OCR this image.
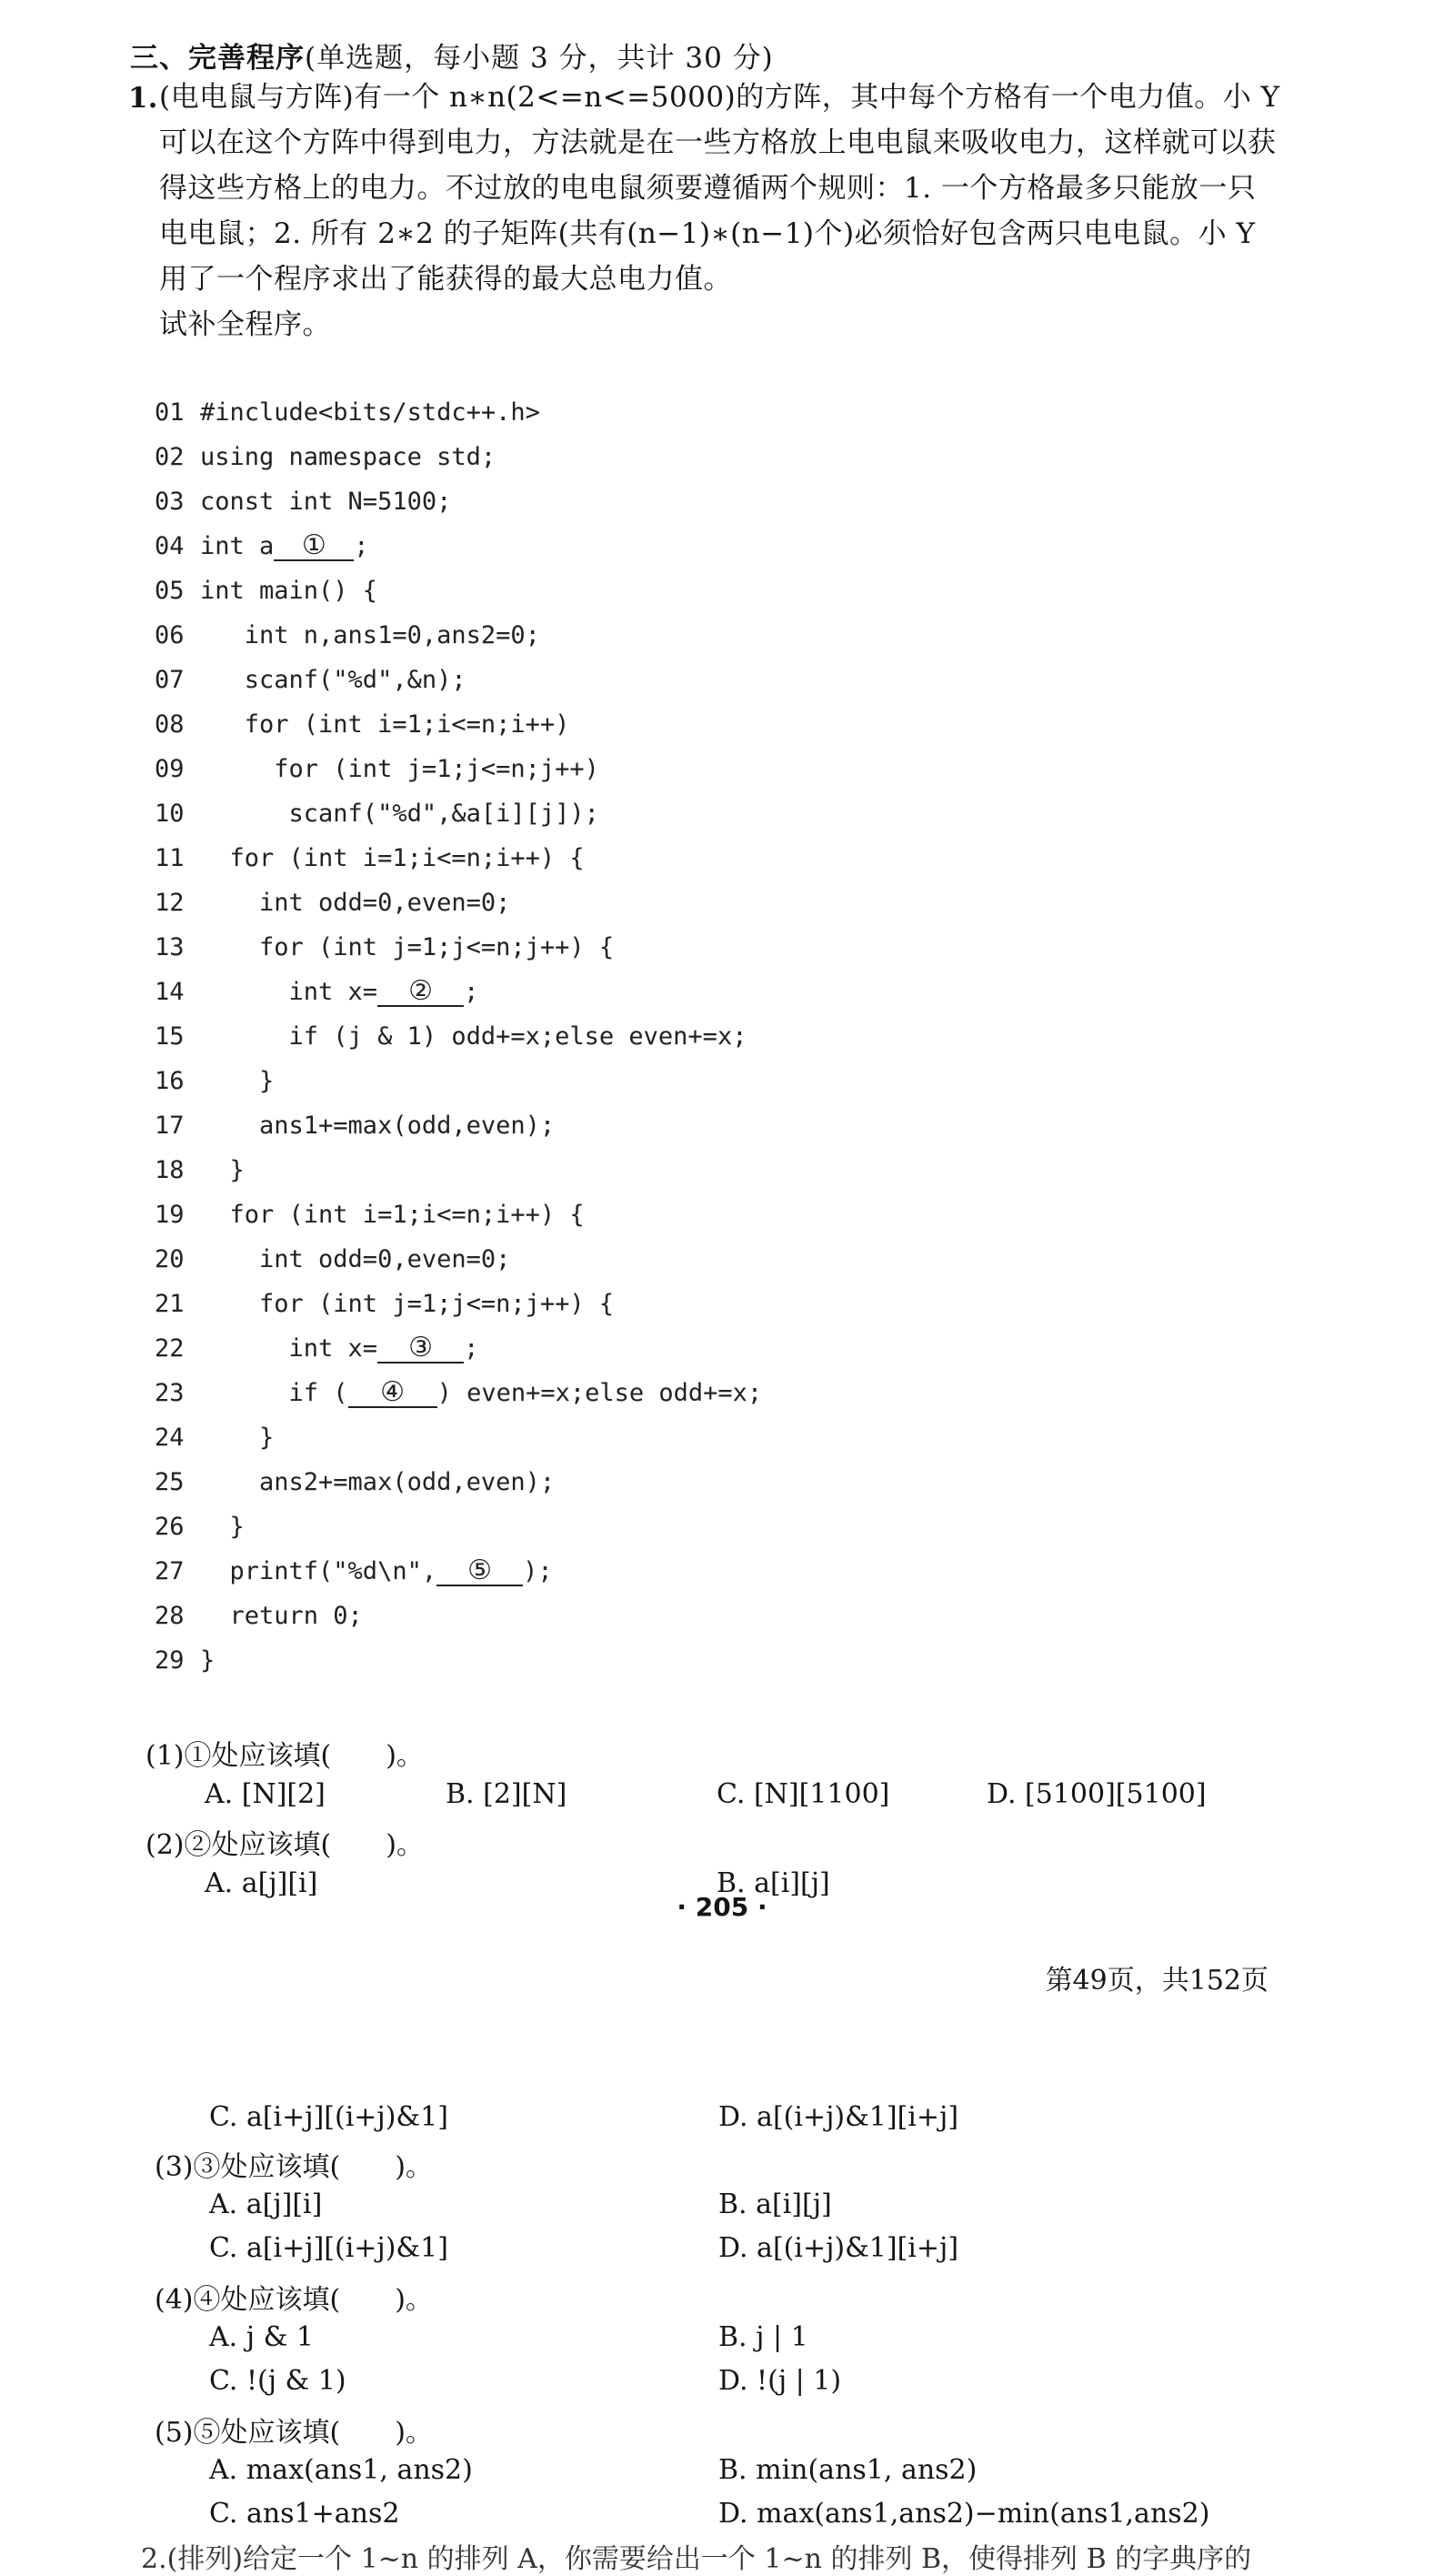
三、完善程序(单选题，每小题 3 分，共计 30 分)
1. (电电鼠与方阵)有一个 n∗n(2<=n<=5000)的方阵，其中每个方格有一个电力值。小 Y
可以在这个方阵中得到电力，方法就是在一些方格放上电电鼠来吸收电力，这样就可以获
得这些方格上的电力。不过放的电电鼠须要遵循两个规则：1. 一个方格最多只能放一只
电电鼠；2. 所有 2∗2 的子矩阵(共有(n−1)∗(n−1)个)必须恰好包含两只电电鼠。小 Y
用了一个程序求出了能获得的最大总电力值。
试补全程序。
01 #include<bits/stdc++.h>
02 using namespace std;
03 const int N=5100;
04 int a ① ;
05 int main() {
06   int n,ans1=0,ans2=0;
07   scanf("%d",&n);
08   for (int i=1;i<=n;i++)
09     for (int j=1;j<=n;j++)
10      scanf("%d",&a[i][j]);
11  for (int i=1;i<=n;i++) {
12    int odd=0,even=0;
13    for (int j=1;j<=n;j++) {
14      int x= ② ;
15      if (j & 1) odd+=x;else even+=x;
16    }
17    ans1+=max(odd,even);
18  }
19  for (int i=1;i<=n;i++) {
20    int odd=0,even=0;
21    for (int j=1;j<=n;j++) {
22      int x= ③ ;
23      if ( ④ ) even+=x;else odd+=x;
24    }
25    ans2+=max(odd,even);
26  }
27  printf("%d\n", ⑤ );
28  return 0;
29 }
(1)①处应该填(　　)。
A. [N][2]	B. [2][N]	C. [N][1100]	D. [5100][5100]
(2)②处应该填(　　)。
A. a[j][i]	B. a[i][j]
· 205 ·
第49页，共152页
C. a[i+j][(i+j)&1]	D. a[(i+j)&1][i+j]
(3)③处应该填(　　)。
A. a[j][i]	B. a[i][j]
C. a[i+j][(i+j)&1]	D. a[(i+j)&1][i+j]
(4)④处应该填(　　)。
A. j & 1	B. j | 1
C. !(j & 1)	D. !(j | 1)
(5)⑤处应该填(　　)。
A. max(ans1, ans2)	B. min(ans1, ans2)
C. ans1+ans2	D. max(ans1,ans2)−min(ans1,ans2)
2.(排列)给定一个 1~n 的排列 A，你需要给出一个 1~n 的排列 B，使得排列 B 的字典序的
